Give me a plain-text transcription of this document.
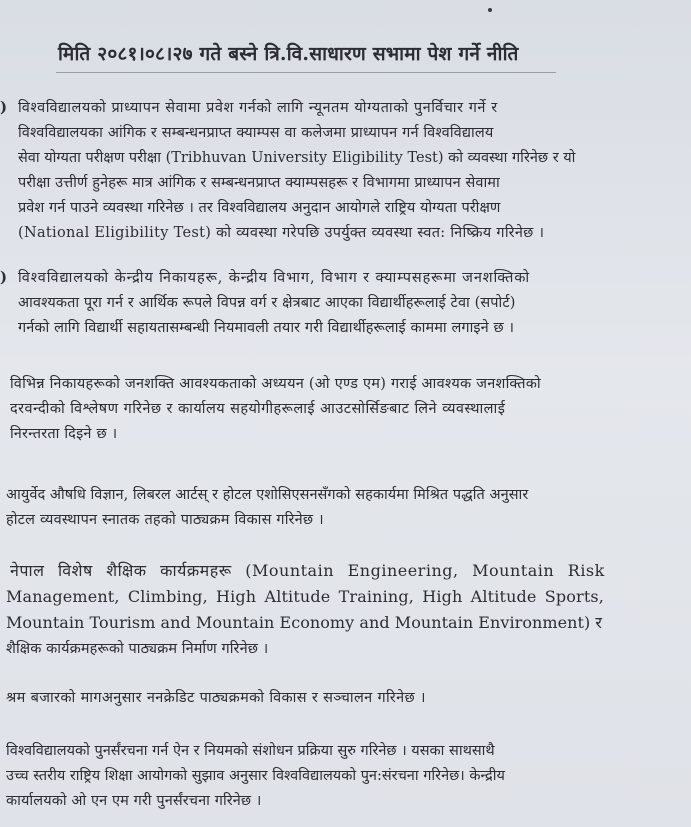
मिति २०८१।०८।२७ गते बस्ने त्रि.वि.साधारण सभामा पेश गर्ने नीति
) विश्वविद्यालयको प्राध्यापन सेवामा प्रवेश गर्नको लागि न्यूनतम योग्यताको पुनर्विचार गर्ने र
विश्वविद्यालयका आंगिक र सम्बन्धनप्राप्त क्याम्पस वा कलेजमा प्राध्यापन गर्न विश्वविद्यालय
सेवा योग्यता परीक्षण परीक्षा (Tribhuvan University Eligibility Test) को व्यवस्था गरिनेछ र यो
परीक्षा उत्तीर्ण हुनेहरू मात्र आंगिक र सम्बन्धनप्राप्त क्याम्पसहरू र विभागमा प्राध्यापन सेवामा
प्रवेश गर्न पाउने व्यवस्था गरिनेछ । तर विश्वविद्यालय अनुदान आयोगले राष्ट्रिय योग्यता परीक्षण
(National Eligibility Test) को व्यवस्था गरेपछि उपर्युक्त व्यवस्था स्वत: निष्क्रिय गरिनेछ ।
) विश्वविद्यालयको केन्द्रीय निकायहरू, केन्द्रीय विभाग, विभाग र क्याम्पसहरूमा जनशक्तिको
आवश्यकता पूरा गर्न र आर्थिक रूपले विपन्न वर्ग र क्षेत्रबाट आएका विद्यार्थीहरूलाई टेवा (सपोर्ट)
गर्नको लागि विद्यार्थी सहायतासम्बन्धी नियमावली तयार गरी विद्यार्थीहरूलाई काममा लगाइने छ ।
विभिन्न निकायहरूको जनशक्ति आवश्यकताको अध्ययन (ओ एण्ड एम) गराई आवश्यक जनशक्तिको
दरवन्दीको विश्लेषण गरिनेछ र कार्यालय सहयोगीहरूलाई आउटसोर्सिङबाट लिने व्यवस्थालाई
निरन्तरता दिइने छ ।
आयुर्वेद औषधि विज्ञान, लिबरल आर्टस् र होटल एशोसिएसनसँगको सहकार्यमा मिश्रित पद्धति अनुसार
होटल व्यवस्थापन स्नातक तहको पाठ्यक्रम विकास गरिनेछ ।
नेपाल विशेष शैक्षिक कार्यक्रमहरू (Mountain Engineering, Mountain Risk
Management, Climbing, High Altitude Training, High Altitude Sports,
Mountain Tourism and Mountain Economy and Mountain Environment) र
शैक्षिक कार्यक्रमहरूको पाठ्यक्रम निर्माण गरिनेछ ।
श्रम बजारको मागअनुसार ननक्रेडिट पाठ्यक्रमको विकास र सञ्चालन गरिनेछ ।
विश्वविद्यालयको पुनर्संरचना गर्न ऐन र नियमको संशोधन प्रक्रिया सुरु गरिनेछ । यसका साथसाथै
उच्च स्तरीय राष्ट्रिय शिक्षा आयोगको सुझाव अनुसार विश्वविद्यालयको पुन:संरचना गरिनेछ। केन्द्रीय
कार्यालयको ओ एन एम गरी पुनर्संरचना गरिनेछ ।
